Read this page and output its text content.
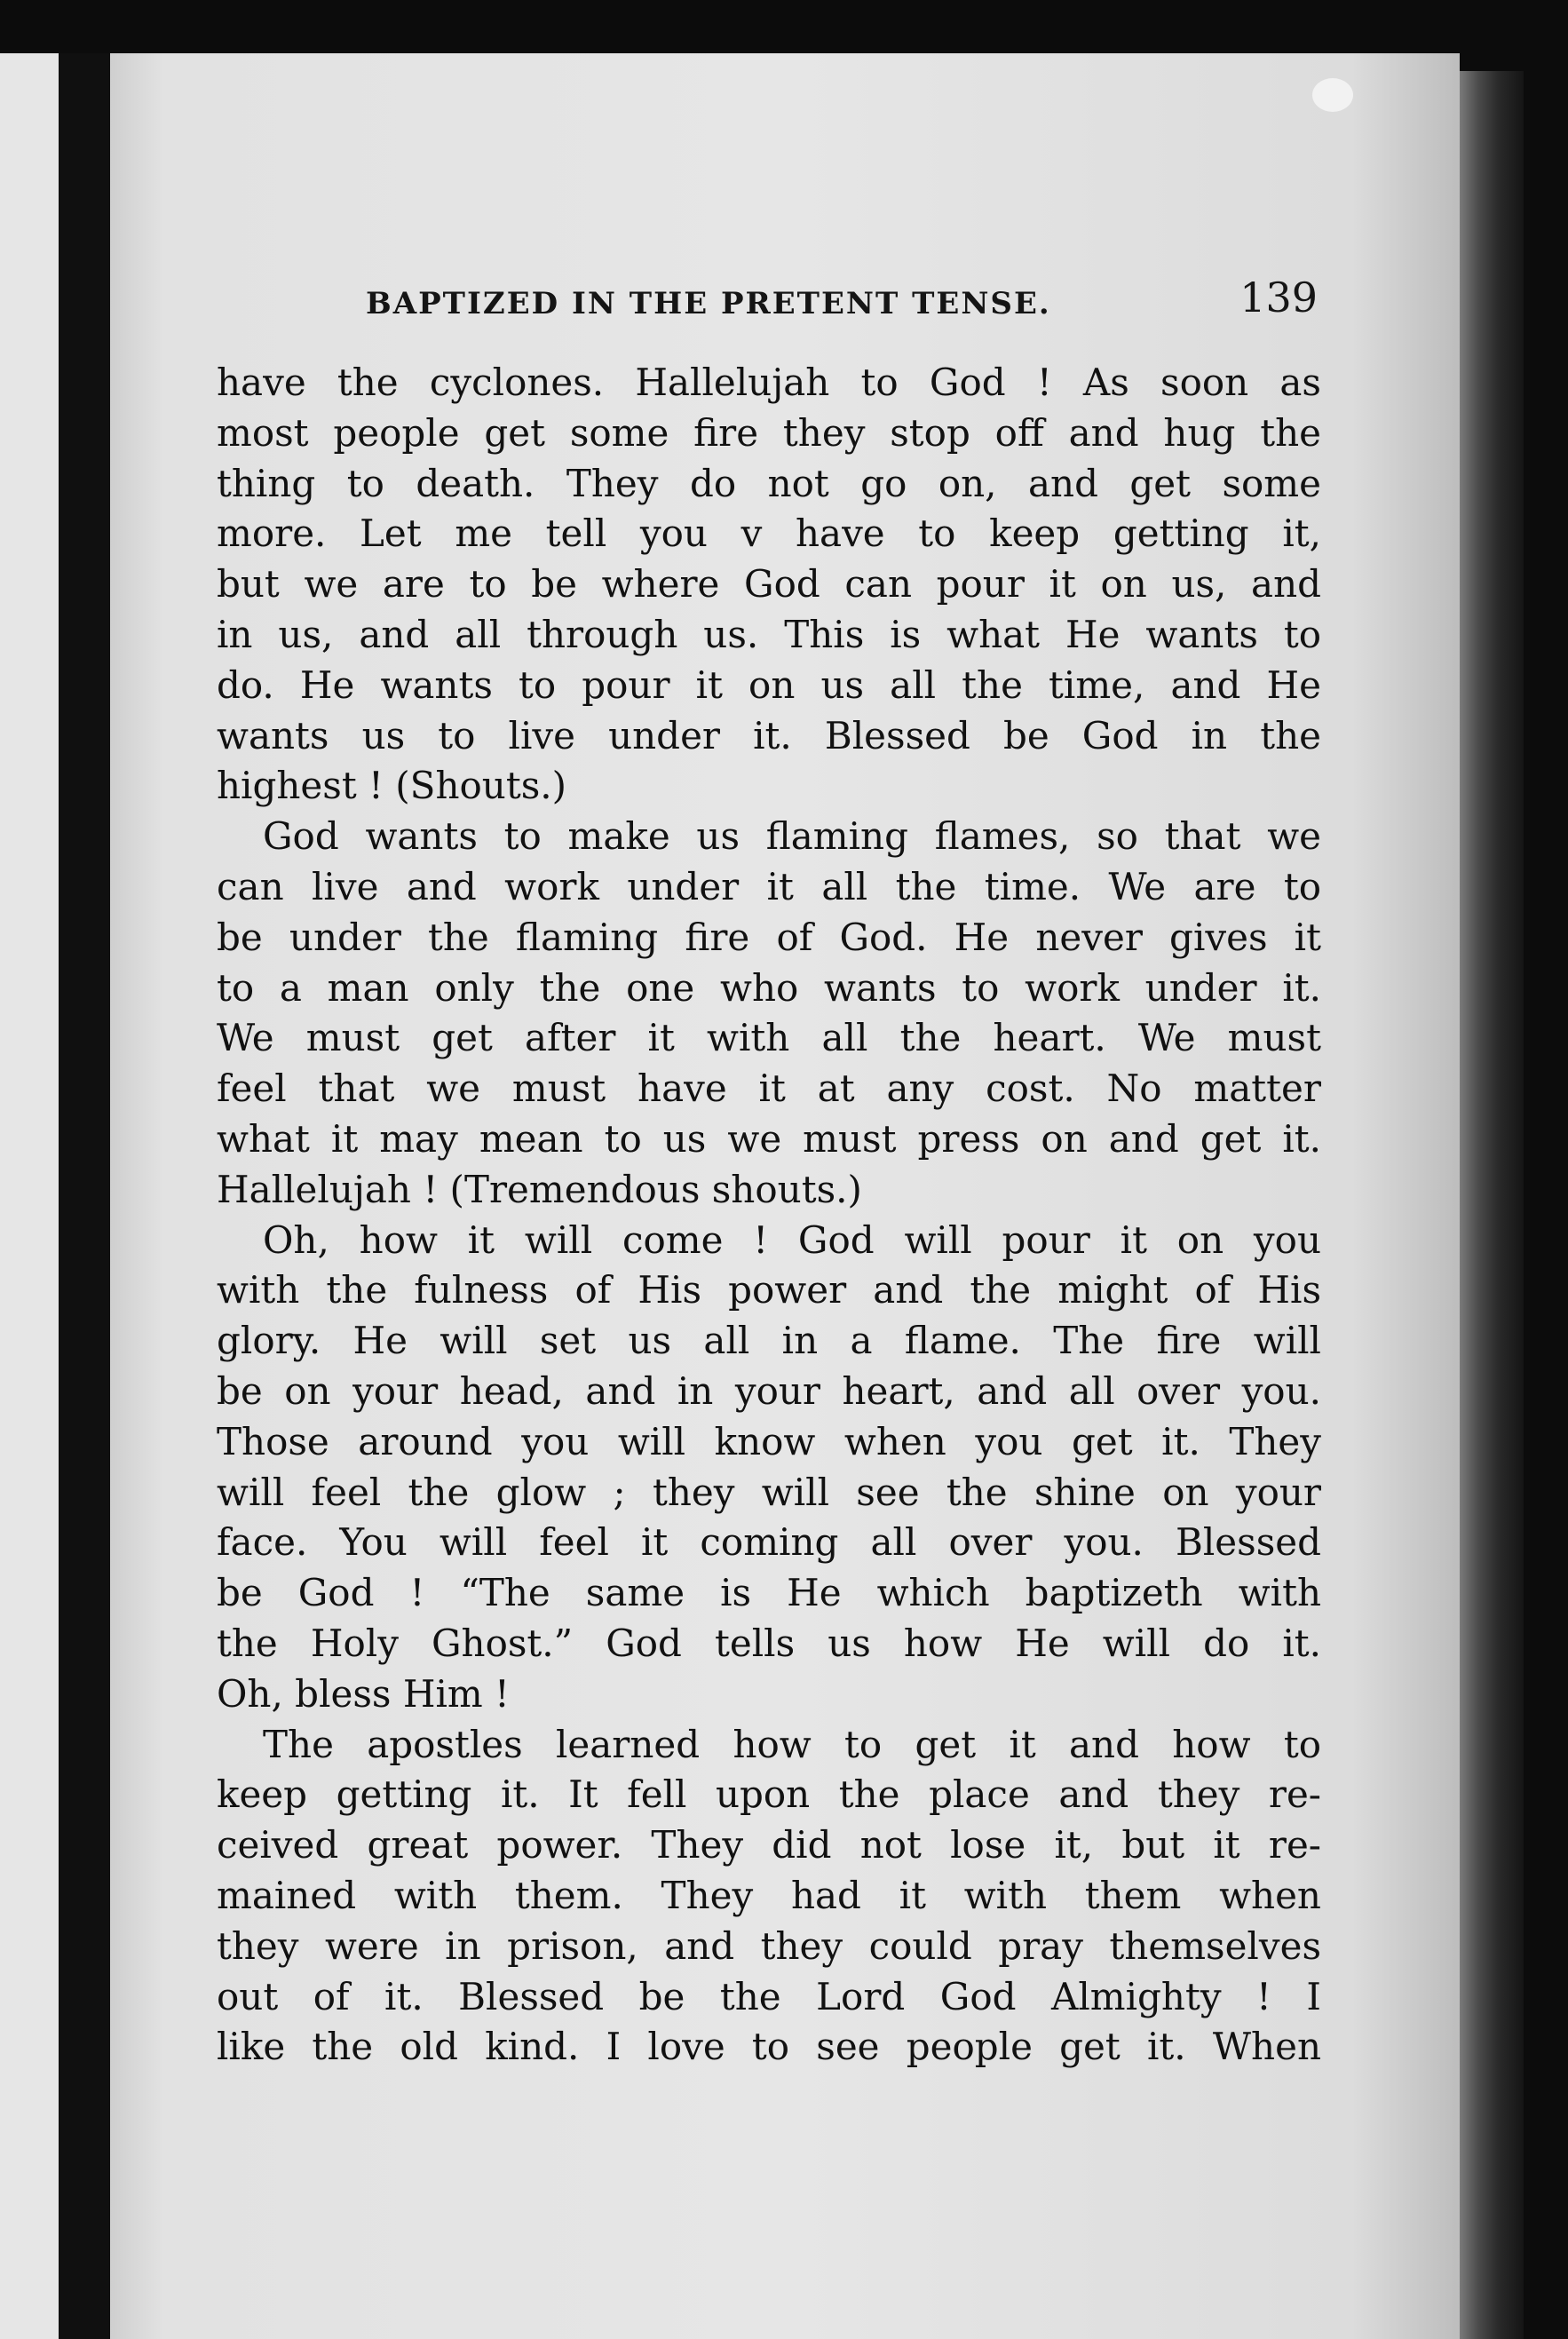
BAPTIZED IN THE PRETENT TENSE.	139
have the cyclones. Hallelujah to God ! As soon as
most people get some fire they stop off and hug the
thing to death. They do not go on, and get some
more. Let me tell you v have to keep getting it,
but we are to be where God can pour it on us, and
in us, and all through us. This is what He wants to
do. He wants to pour it on us all the time, and He
wants us to live under it. Blessed be God in the
highest ! (Shouts.)
God wants to make us flaming flames, so that we
can live and work under it all the time. We are to
be under the flaming fire of God. He never gives it
to a man only the one who wants to work under it.
We must get after it with all the heart. We must
feel that we must have it at any cost. No matter
what it may mean to us we must press on and get it.
Hallelujah ! (Tremendous shouts.)
Oh, how it will come ! God will pour it on you
with the fulness of His power and the might of His
glory. He will set us all in a flame. The fire will
be on your head, and in your heart, and all over you.
Those around you will know when you get it. They
will feel the glow ; they will see the shine on your
face. You will feel it coming all over you. Blessed
be God ! “The same is He which baptizeth with
the Holy Ghost.” God tells us how He will do it.
Oh, bless Him !
The apostles learned how to get it and how to
keep getting it. It fell upon the place and they re-
ceived great power. They did not lose it, but it re-
mained with them. They had it with them when
they were in prison, and they could pray themselves
out of it. Blessed be the Lord God Almighty ! I
like the old kind. I love to see people get it. When
